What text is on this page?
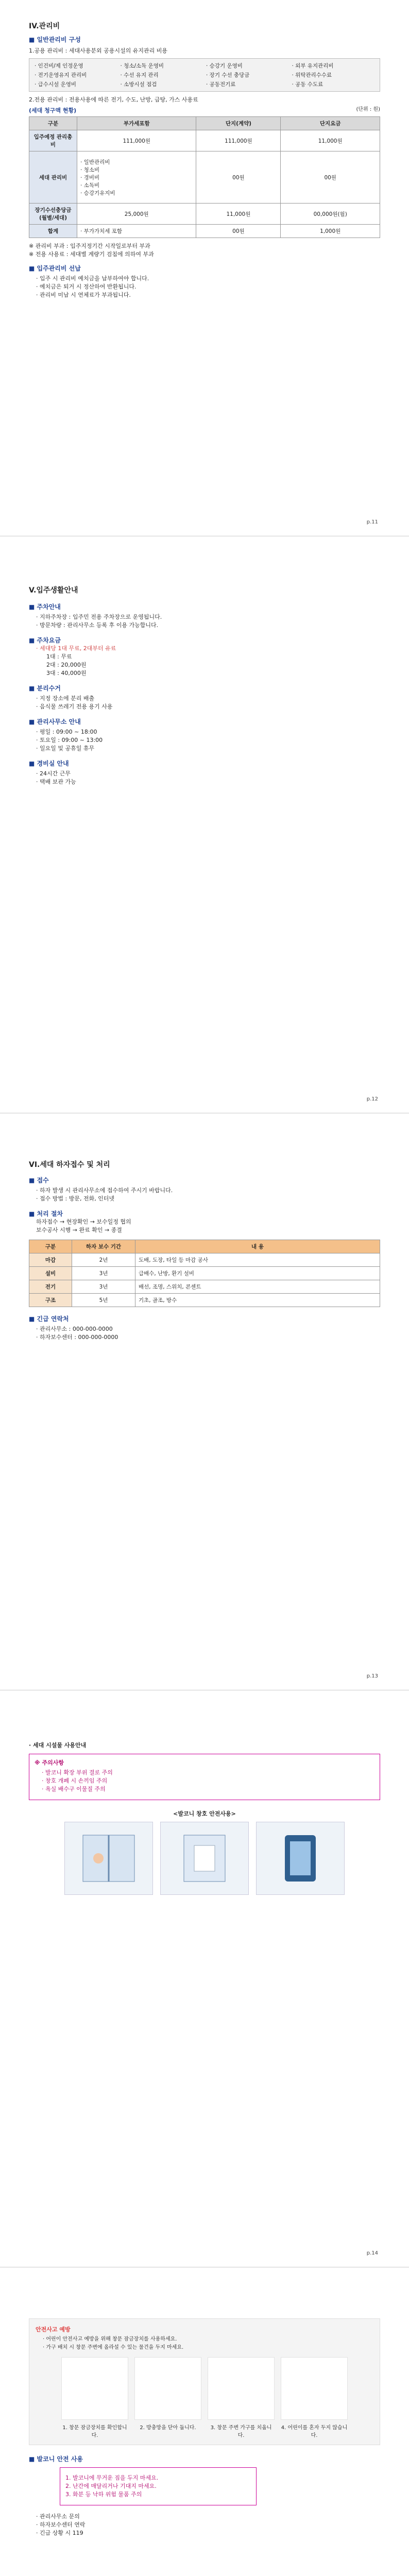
IV.관리비

■ 일반관리비 구성

1.공용 관리비 : 세대사용분외 공용시설의 유지관리 비용
· 인건비/제 인정운영	· 청소/소독 운영비	· 승강기 운영비	· 외부 유지관리비
· 전기운영유지 관리비	· 수선 유지 관리	· 장기 수선 충당금	· 위탁관리수수료
· 급수시설 운영비	· 소방시설 점검	· 공동전기료	· 공동 수도료
2.전용 관리비 : 전용사용에 따른 전기, 수도, 난방, 급탕, 가스 사용료
(세대 청구액 현황)	(단위 : 원)
구분	부가세포함	단지(계약)	단지요금
입주예정 관리총비	111,000원	111,000원	11,000원
세대 관리비	· 일반관리비
· 청소비
· 경비비
· 소독비
· 승강기유지비	00원	00원
장기수선충당금 (월별/세대)	25,000원	11,000원	00,000원(월)
합계	· 부가가치세 포함	00원	1,000원
※ 관리비 부과 : 입주지정기간 시작일로부터 부과
※ 전용 사용료 : 세대별 계량기 검침에 의하여 부과

■ 입주관리비 선납

· 입주 시 관리비 예치금을 납부하여야 합니다.
· 예치금은 퇴거 시 정산하여 반환됩니다.
· 관리비 미납 시 연체료가 부과됩니다.
p.11
V.입주생활안내

■ 주차안내

· 지하주차장 : 입주민 전용 주차장으로 운영됩니다.
· 방문차량 : 관리사무소 등록 후 이용 가능합니다.

■ 주차요금

· 세대당 1대 무료, 2대부터 유료
1대 : 무료
2대 : 20,000원
3대 : 40,000원

■ 분리수거

· 지정 장소에 분리 배출
· 음식물 쓰레기 전용 용기 사용

■ 관리사무소 안내

· 평일 : 09:00 ~ 18:00
· 토요일 : 09:00 ~ 13:00
· 일요일 및 공휴일 휴무

■ 경비실 안내

· 24시간 근무
· 택배 보관 가능
p.12
VI.세대 하자접수 및 처리

■ 접수

· 하자 발생 시 관리사무소에 접수하여 주시기 바랍니다.
· 접수 방법 : 방문, 전화, 인터넷

■ 처리 절차

하자접수 → 현장확인 → 보수일정 협의
보수공사 시행 → 완료 확인 → 종결
구분	하자 보수 기간	내 용
마감	2년	도배, 도장, 타일 등 마감 공사
설비	3년	급배수, 난방, 환기 설비
전기	3년	배선, 조명, 스위치, 콘센트
구조	5년	기초, 골조, 방수

■ 긴급 연락처

· 관리사무소 : 000-000-0000
· 하자보수센터 : 000-000-0000
p.13
· 세대 시설물 사용안내
※ 주의사항
· 발코니 확장 부위 결로 주의
· 창호 개폐 시 손끼임 주의
· 욕실 배수구 이물질 주의
<발코니 창호 안전사용>
p.14
안전사고 예방
· 어린이 안전사고 예방을 위해 창문 잠금장치를 사용하세요.
· 가구 배치 시 창문 주변에 올라설 수 있는 물건을 두지 마세요.
1. 창문 잠금장치를 확인합니다.
2. 방충망을 닫아 둡니다.	3. 창문 주변 가구를 치웁니다.
4. 어린이를 혼자 두지 않습니다.

■ 발코니 안전 사용

1. 발코니에 무거운 짐을 두지 마세요.
2. 난간에 매달리거나 기대지 마세요.
3. 화분 등 낙하 위험 물품 주의
· 관리사무소 문의
· 하자보수센터 연락
· 긴급 상황 시 119
